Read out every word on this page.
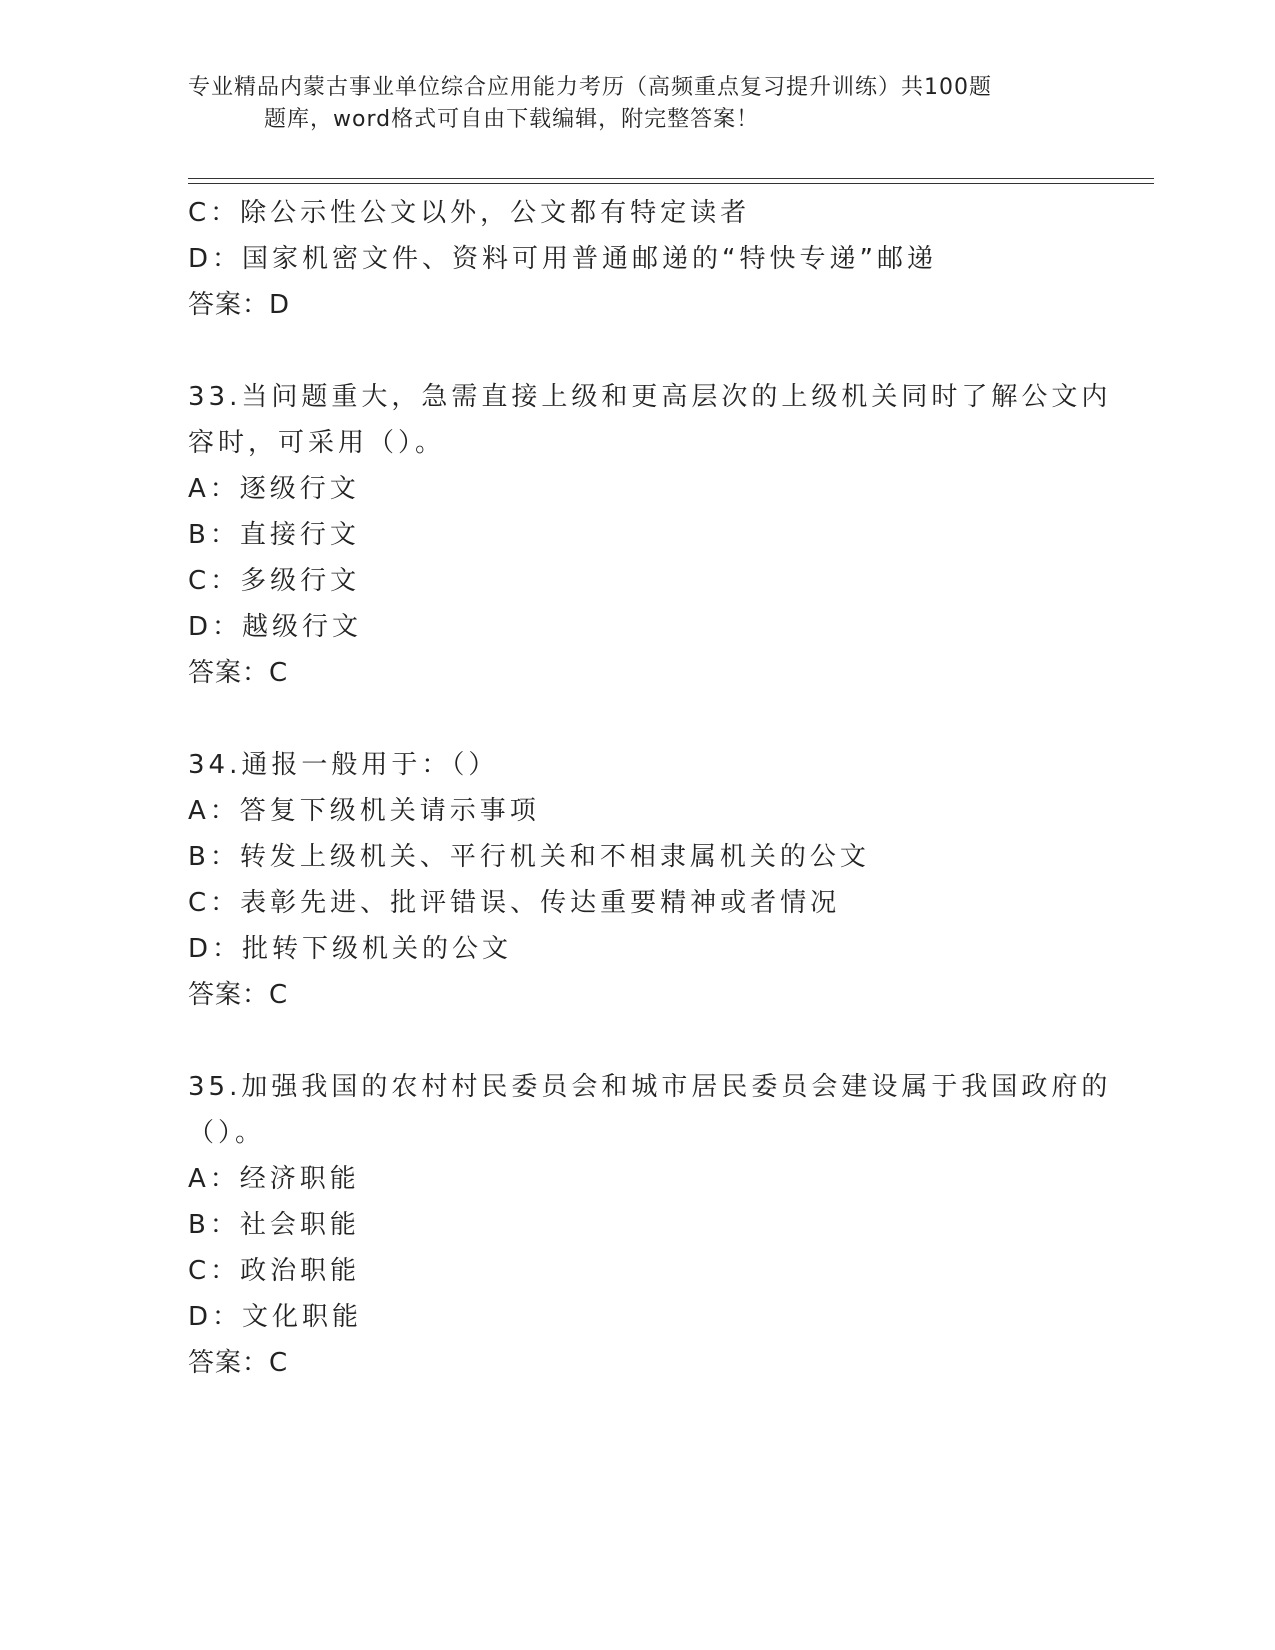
专业精品内蒙古事业单位综合应用能力考历（高频重点复习提升训练）共100题
题库，word格式可自由下载编辑，附完整答案！
C：除公示性公文以外，公文都有特定读者
D：国家机密文件、资料可用普通邮递的“特快专递”邮递
答案：D
33.当问题重大，急需直接上级和更高层次的上级机关同时了解公文内
容时，可采用（）。
A：逐级行文
B：直接行文
C：多级行文
D：越级行文
答案：C
34.通报一般用于：（）
A：答复下级机关请示事项
B：转发上级机关、平行机关和不相隶属机关的公文
C：表彰先进、批评错误、传达重要精神或者情况
D：批转下级机关的公文
答案：C
35.加强我国的农村村民委员会和城市居民委员会建设属于我国政府的
（）。
A：经济职能
B：社会职能
C：政治职能
D：文化职能
答案：C
